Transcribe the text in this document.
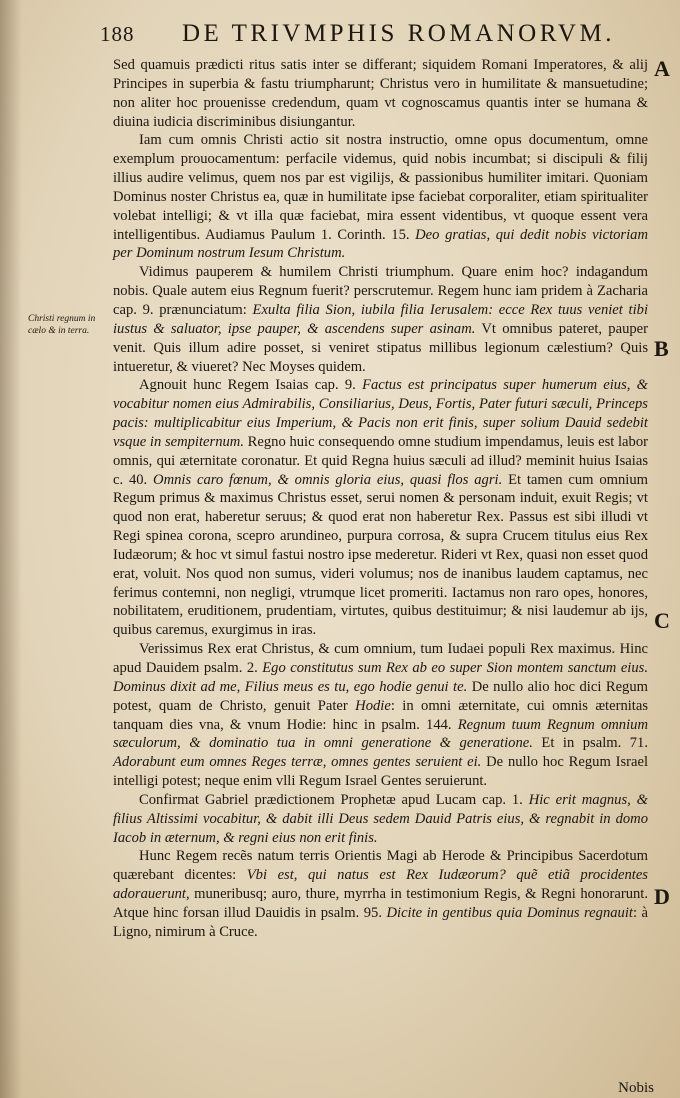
188 DE TRIVMPHIS ROMANORVM.
A
B
C
D
Christi regnum in cælo & in terra.

Sed quamuis prædicti ritus satis inter se differant; siquidem Romani Imperatores, & alij Principes in superbia & fastu triumpharunt; Christus vero in humilitate & mansuetudine; non aliter hoc prouenisse credendum, quam vt cognoscamus quantis inter se humana & diuina iudicia discriminibus disiungantur.

Iam cum omnis Christi actio sit nostra instructio, omne opus documentum, omne exemplum prouocamentum: perfacile videmus, quid nobis incumbat; si discipuli & filij illius audire velimus, quem nos par est vigilijs, & passionibus humiliter imitari. Quoniam Dominus noster Christus ea, quæ in humilitate ipse faciebat corporaliter, etiam spiritualiter volebat intelligi; & vt illa quæ faciebat, mira essent videntibus, vt quoque essent vera intelligentibus. Audiamus Paulum 1. Corinth. 15. Deo gratias, qui dedit nobis victoriam per Dominum nostrum Iesum Christum.

Vidimus pauperem & humilem Christi triumphum. Quare enim hoc? indagandum nobis. Quale autem eius Regnum fuerit? perscrutemur. Regem hunc iam pridem à Zacharia cap. 9. prænunciatum: Exulta filia Sion, iubila filia Ierusalem: ecce Rex tuus veniet tibi iustus & saluator, ipse pauper, & ascendens super asinam. Vt omnibus pateret, pauper venit. Quis illum adire posset, si veniret stipatus millibus legionum cælestium? Quis intueretur, & viueret? Nec Moyses quidem.

Agnouit hunc Regem Isaias cap. 9. Factus est principatus super humerum eius, & vocabitur nomen eius Admirabilis, Consiliarius, Deus, Fortis, Pater futuri sæculi, Princeps pacis: multiplicabitur eius Imperium, & Pacis non erit finis, super solium Dauid sedebit vsque in sempiternum. Regno huic consequendo omne studium impendamus, leuis est labor omnis, qui æternitate coronatur. Et quid Regna huius sæculi ad illud? meminit huius Isaias c. 40. Omnis caro fœnum, & omnis gloria eius, quasi flos agri. Et tamen cum omnium Regum primus & maximus Christus esset, serui nomen & personam induit, exuit Regis; vt quod non erat, haberetur seruus; & quod erat non haberetur Rex. Passus est sibi illudi vt Regi spinea corona, scepro arundineo, purpura corrosa, & supra Crucem titulus eius Rex Iudæorum; & hoc vt simul fastui nostro ipse mederetur. Rideri vt Rex, quasi non esset quod erat, voluit. Nos quod non sumus, videri volumus; nos de inanibus laudem captamus, nec ferimus contemni, non negligi, vtrumque licet promeriti. Iactamus non raro opes, honores, nobilitatem, eruditionem, prudentiam, virtutes, quibus destituimur; & nisi laudemur ab ijs, quibus caremus, exurgimus in iras.

Verissimus Rex erat Christus, & cum omnium, tum Iudaei populi Rex maximus. Hinc apud Dauidem psalm. 2. Ego constitutus sum Rex ab eo super Sion montem sanctum eius. Dominus dixit ad me, Filius meus es tu, ego hodie genui te. De nullo alio hoc dici Regum potest, quam de Christo, genuit Pater Hodie: in omni æternitate, cui omnis æternitas tanquam dies vna, & vnum Hodie: hinc in psalm. 144. Regnum tuum Regnum omnium sæculorum, & dominatio tua in omni generatione & generatione. Et in psalm. 71. Adorabunt eum omnes Reges terræ, omnes gentes seruient ei. De nullo hoc Regum Israel intelligi potest; neque enim vlli Regum Israel Gentes seruierunt.

Confirmat Gabriel prædictionem Prophetæ apud Lucam cap. 1. Hic erit magnus, & filius Altissimi vocabitur, & dabit illi Deus sedem Dauid Patris eius, & regnabit in domo Iacob in æternum, & regni eius non erit finis.

Hunc Regem recẽs natum terris Orientis Magi ab Herode & Principibus Sacerdotum quærebant dicentes: Vbi est, qui natus est Rex Iudæorum? quẽ etiã procidentes adorauerunt, muneribusq; auro, thure, myrrha in testimonium Regis, & Regni honorarunt. Atque hinc forsan illud Dauidis in psalm. 95. Dicite in gentibus quia Dominus regnauit: à Ligno, nimirum à Cruce.

Nobis
